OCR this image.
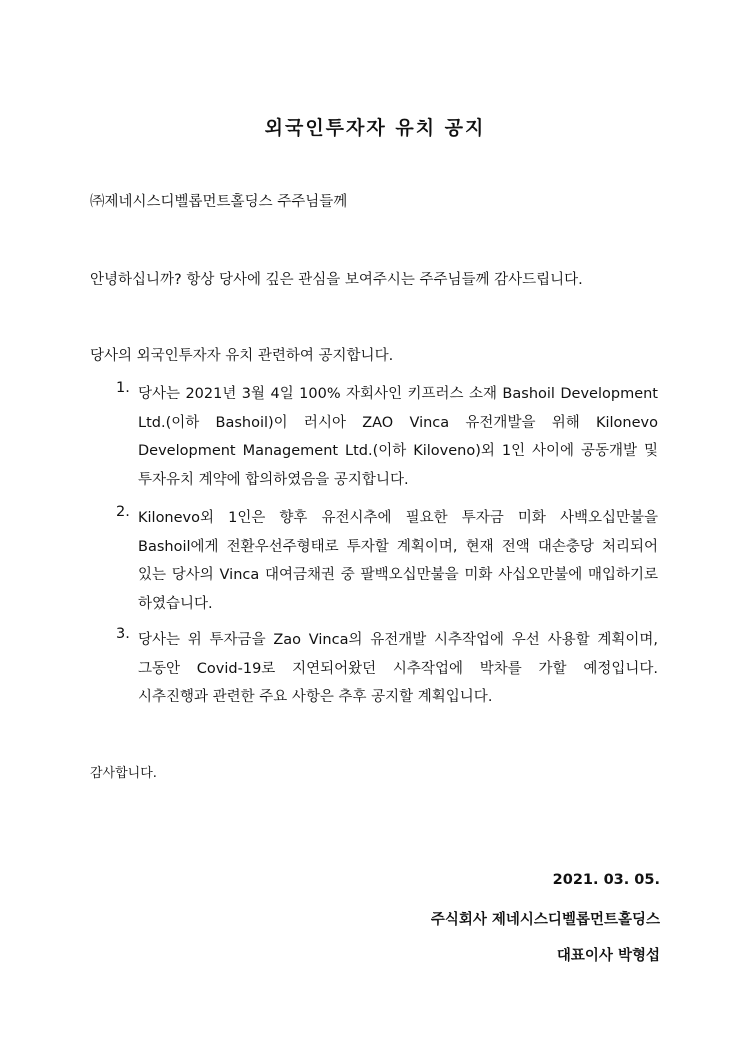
외국인투자자 유치 공지

㈜제네시스디벨롭먼트홀딩스 주주님들께

안녕하십니까? 항상 당사에 깊은 관심을 보여주시는 주주님들께 감사드립니다.

당사의 외국인투자자 유치 관련하여 공지합니다.

1. 당사는 2021년 3월 4일 100% 자회사인 키프러스 소재 Bashoil Development Ltd.(이하 Bashoil)이 러시아 ZAO Vinca 유전개발을 위해 Kilonevo Development Management Ltd.(이하 Kiloveno)외 1인 사이에 공동개발 및 투자유치 계약에 합의하였음을 공지합니다.
2. Kilonevo외 1인은 향후 유전시추에 필요한 투자금 미화 사백오십만불을 Bashoil에게 전환우선주형태로 투자할 계획이며, 현재 전액 대손충당 처리되어 있는 당사의 Vinca 대여금채권 중 팔백오십만불을 미화 사십오만불에 매입하기로 하였습니다.
3. 당사는 위 투자금을 Zao Vinca의 유전개발 시추작업에 우선 사용할 계획이며, 그동안 Covid-19로 지연되어왔던 시추작업에 박차를 가할 예정입니다. 시추진행과 관련한 주요 사항은 추후 공지할 계획입니다.

감사합니다.

2021. 03. 05.

주식회사 제네시스디벨롭먼트홀딩스

대표이사 박형섭
